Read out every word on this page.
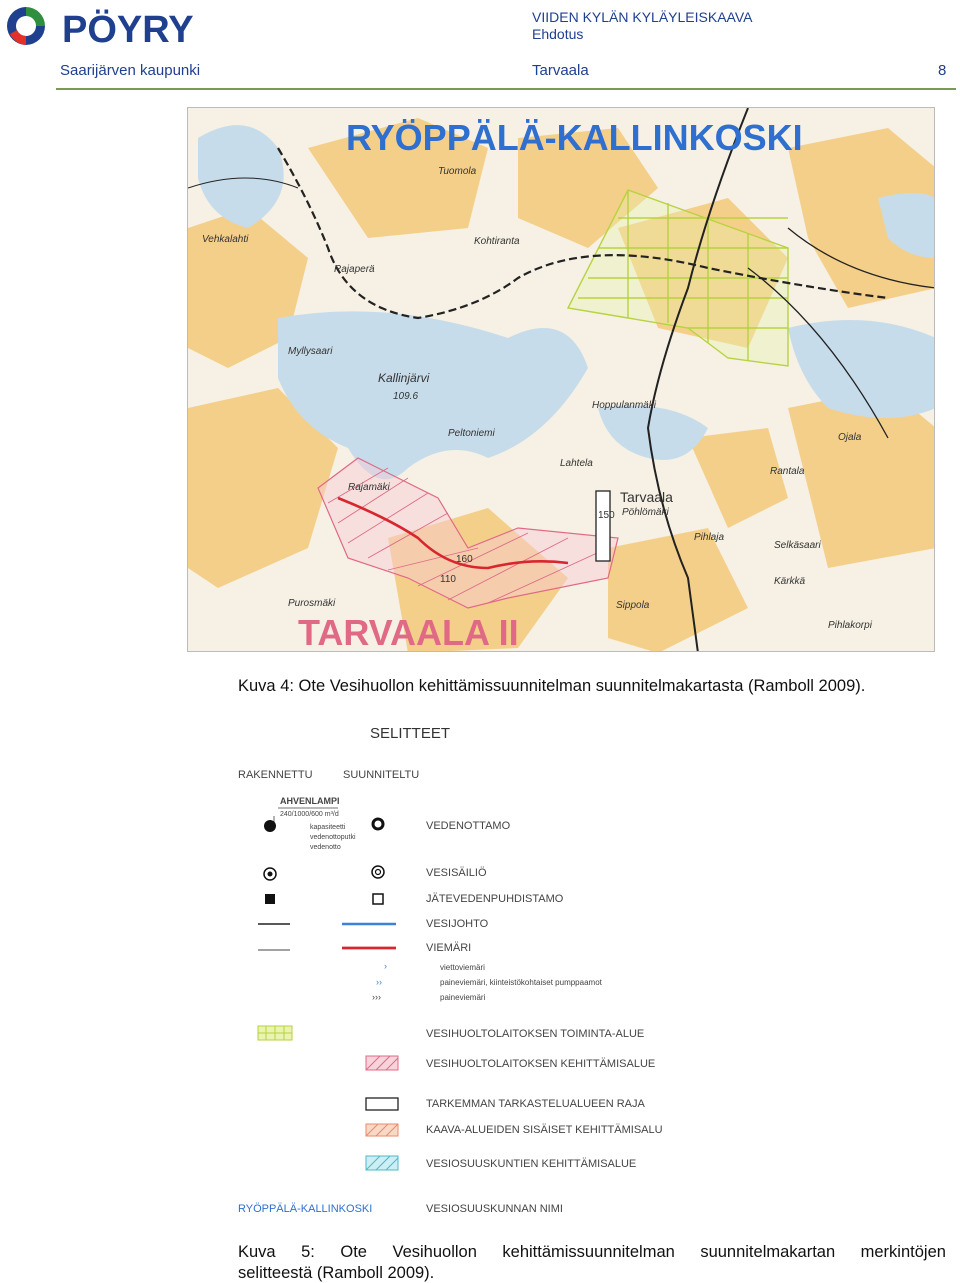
PÖYRY	VIIDEN KYLÄN KYLÄYLEISKAAVA
Ehdotus
Saarijärven kaupunki	Tarvaala	8
RYÖPPÄLÄ-KALLINKOSKI
TARVAALA II
Tarvaala
Kallinjärvi
109.6
Myllysaari
Peltoniemi
Lahtela
Pihlaja
Hoppulanmäki
Rantala
Ojala
Selkäsaari
Kärkkä
Pöhlömäki
Pihlakorpi
Tuomola
Kohtiranta
Vehkalahti
Rajaperä
Rajamäki
Purosmäki	Sippola
160
150
110
Kuva 4: Ote Vesihuollon kehittämissuunnitelman suunnitelmakartasta (Ramboll 2009).
SELITTEET
RAKENNETTU	SUUNNITELTU
AHVENLAMPI
240/1000/600 m³/d
kapasiteetti
vedenottoputki
vedenotto
VEDENOTTAMO
VESISÄILIÖ
JÄTEVEDENPUHDISTAMO
VESIJOHTO
VIEMÄRI
›	viettoviemäri
››	paineviemäri, kiinteistökohtaiset pumppaamot
›››	paineviemäri
VESIHUOLTOLAITOKSEN TOIMINTA-ALUE
VESIHUOLTOLAITOKSEN KEHITTÄMISALUE
TARKEMMAN TARKASTELUALUEEN RAJA
KAAVA-ALUEIDEN SISÄISET KEHITTÄMISALU
VESIOSUUSKUNTIEN KEHITTÄMISALUE
RYÖPPÄLÄ-KALLINKOSKI	VESIOSUUSKUNNAN NIMI
Kuva 5: Ote Vesihuollon kehittämissuunnitelman suunnitelmakartan merkintöjen
selitteestä (Ramboll 2009).
